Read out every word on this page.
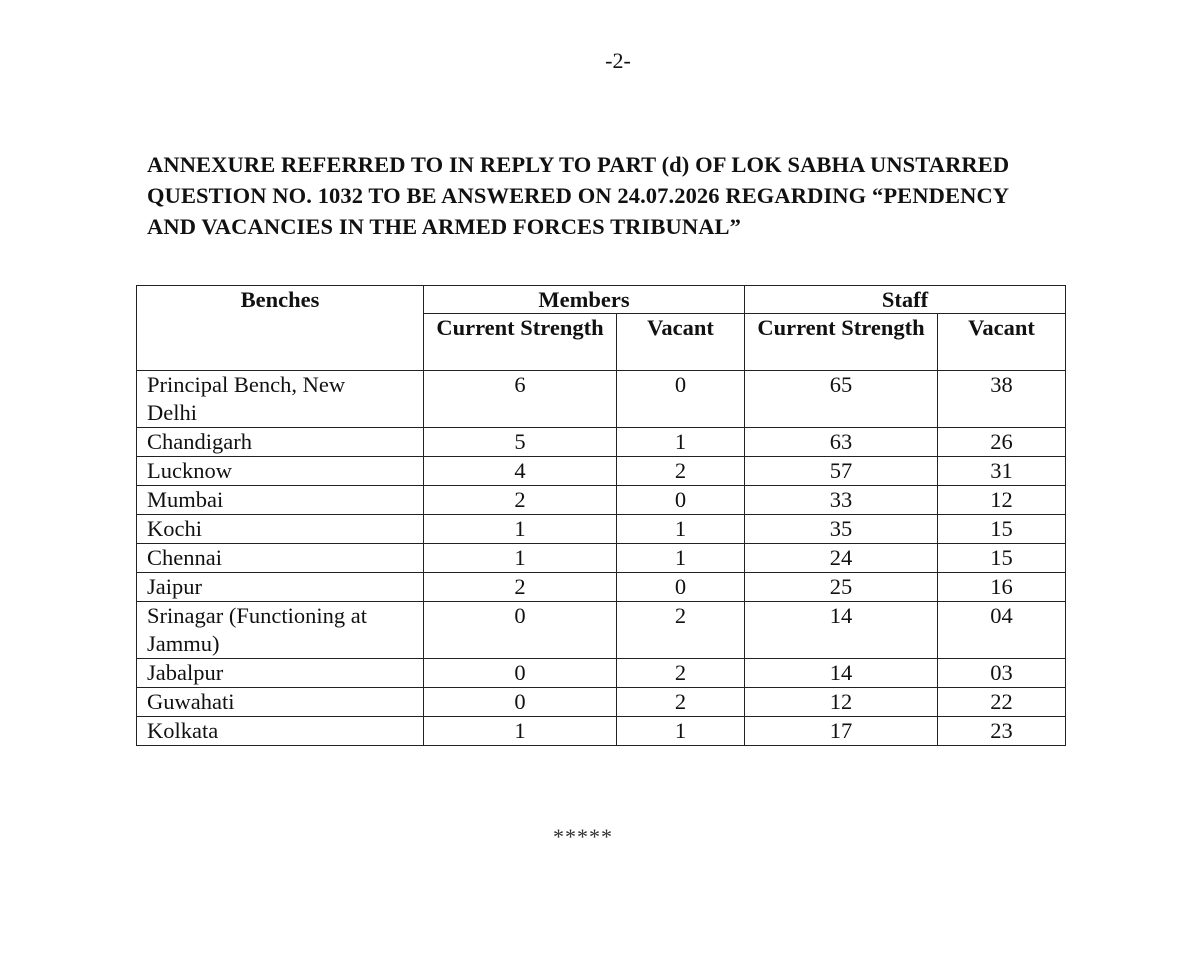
-2-

ANNEXURE REFERRED TO IN REPLY TO PART (d) OF LOK SABHA UNSTARRED
QUESTION NO. 1032 TO BE ANSWERED ON 24.07.2026 REGARDING “PENDENCY
AND VACANCIES IN THE ARMED FORCES TRIBUNAL”

Benches	Members		Staff	
	Current Strength	Vacant	Current Strength	Vacant
Principal Bench, New Delhi	6	0	65	38
Chandigarh	5	1	63	26
Lucknow	4	2	57	31
Mumbai	2	0	33	12
Kochi	1	1	35	15
Chennai	1	1	24	15
Jaipur	2	0	25	16
Srinagar (Functioning at Jammu)	0	2	14	04
Jabalpur	0	2	14	03
Guwahati	0	2	12	22
Kolkata	1	1	17	23
*****
